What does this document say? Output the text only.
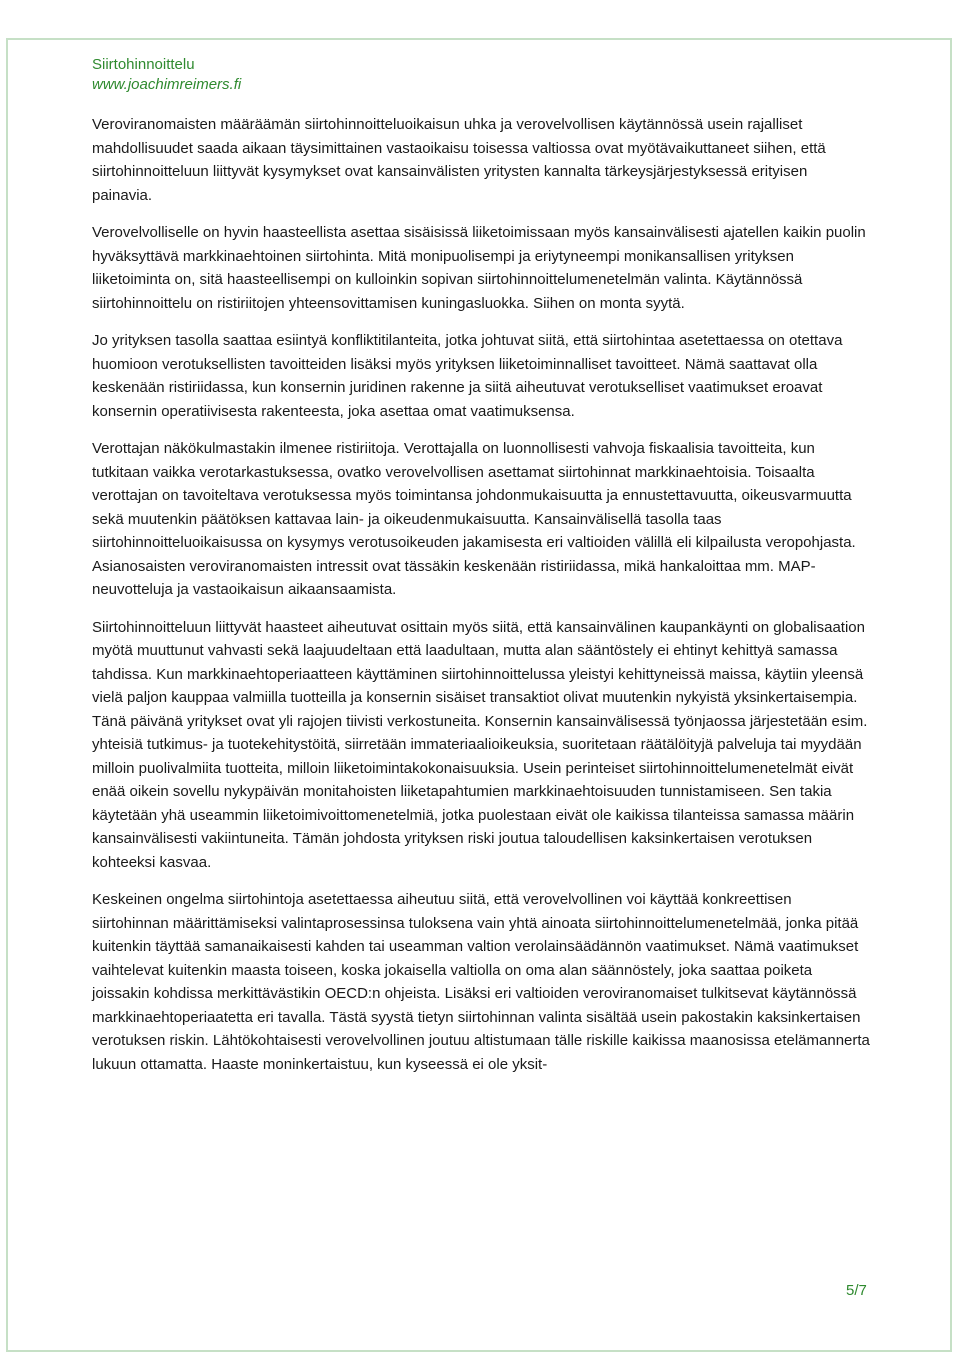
Siirtohinnoittelu
www.joachimreimers.fi

Veroviranomaisten määräämän siirtohinnoitteluoikaisun uhka ja verovelvollisen käytännössä usein rajalliset mahdollisuudet saada aikaan täysimittainen vastaoikaisu toisessa valtiossa ovat myötävaikuttaneet siihen, että siirtohinnoitteluun liittyvät kysymykset ovat kansainvälisten yritysten kannalta tärkeysjärjestyksessä erityisen painavia.

Verovelvolliselle on hyvin haasteellista asettaa sisäisissä liiketoimissaan myös kansainvälisesti ajatellen kaikin puolin hyväksyttävä markkinaehtoinen siirtohinta. Mitä monipuolisempi ja eriytyneempi monikansallisen yrityksen liiketoiminta on, sitä haasteellisempi on kulloinkin sopivan siirtohinnoittelumenetelmän valinta. Käytännössä siirtohinnoittelu on ristiriitojen yhteensovittamisen kuningasluokka. Siihen on monta syytä.

Jo yrityksen tasolla saattaa esiintyä konfliktitilanteita, jotka johtuvat siitä, että siirtohintaa asetettaessa on otettava huomioon verotuksellisten tavoitteiden lisäksi myös yrityksen liiketoiminnalliset tavoitteet. Nämä saattavat olla keskenään ristiriidassa, kun konsernin juridinen rakenne ja siitä aiheutuvat verotukselliset vaatimukset eroavat konsernin operatiivisesta rakenteesta, joka asettaa omat vaatimuksensa.

Verottajan näkökulmastakin ilmenee ristiriitoja. Verottajalla on luonnollisesti vahvoja fiskaalisia tavoitteita, kun tutkitaan vaikka verotarkastuksessa, ovatko verovelvollisen asettamat siirtohinnat markkinaehtoisia. Toisaalta verottajan on tavoiteltava verotuksessa myös toimintansa johdonmukaisuutta ja ennustettavuutta, oikeusvarmuutta sekä muutenkin päätöksen kattavaa lain- ja oikeudenmukaisuutta. Kansainvälisellä tasolla taas siirtohinnoitteluoikaisussa on kysymys verotusoikeuden jakamisesta eri valtioiden välillä eli kilpailusta veropohjasta. Asianosaisten veroviranomaisten intressit ovat tässäkin keskenään ristiriidassa, mikä hankaloittaa mm. MAP-neuvotteluja ja vastaoikaisun aikaansaamista.

Siirtohinnoitteluun liittyvät haasteet aiheutuvat osittain myös siitä, että kansainvälinen kaupankäynti on globalisaation myötä muuttunut vahvasti sekä laajuudeltaan että laadultaan, mutta alan sääntöstely ei ehtinyt kehittyä samassa tahdissa. Kun markkinaehtoperiaatteen käyttäminen siirtohinnoittelussa yleistyi kehittyneissä maissa, käytiin yleensä vielä paljon kauppaa valmiilla tuotteilla ja konsernin sisäiset transaktiot olivat muutenkin nykyistä yksinkertaisempia. Tänä päivänä yritykset ovat yli rajojen tiivisti verkostuneita. Konsernin kansainvälisessä työnjaossa järjestetään esim. yhteisiä tutkimus- ja tuotekehitystöitä, siirretään immateriaalioikeuksia, suoritetaan räätälöityjä palveluja tai myydään milloin puolivalmiita tuotteita, milloin liiketoimintakokonaisuuksia. Usein perinteiset siirtohinnoittelumenetelmät eivät enää oikein sovellu nykypäivän monitahoisten liiketapahtumien markkinaehtoisuuden tunnistamiseen. Sen takia käytetään yhä useammin liiketoimivoittomenetelmiä, jotka puolestaan eivät ole kaikissa tilanteissa samassa määrin kansainvälisesti vakiintuneita. Tämän johdosta yrityksen riski joutua taloudellisen kaksinkertaisen verotuksen kohteeksi kasvaa.

Keskeinen ongelma siirtohintoja asetettaessa aiheutuu siitä, että verovelvollinen voi käyttää konkreettisen siirtohinnan määrittämiseksi valintaprosessinsa tuloksena vain yhtä ainoata siirtohinnoittelumenetelmää, jonka pitää kuitenkin täyttää samanaikaisesti kahden tai useamman valtion verolainsäädännön vaatimukset. Nämä vaatimukset vaihtelevat kuitenkin maasta toiseen, koska jokaisella valtiolla on oma alan säännöstely, joka saattaa poiketa joissakin kohdissa merkittävästikin OECD:n ohjeista. Lisäksi eri valtioiden veroviranomaiset tulkitsevat käytännössä markkinaehtoperiaatetta eri tavalla. Tästä syystä tietyn siirtohinnan valinta sisältää usein pakostakin kaksinkertaisen verotuksen riskin. Lähtökohtaisesti verovelvollinen joutuu altistumaan tälle riskille kaikissa maanosissa etelämannerta lukuun ottamatta. Haaste moninkertaistuu, kun kyseessä ei ole yksit-

5/7
